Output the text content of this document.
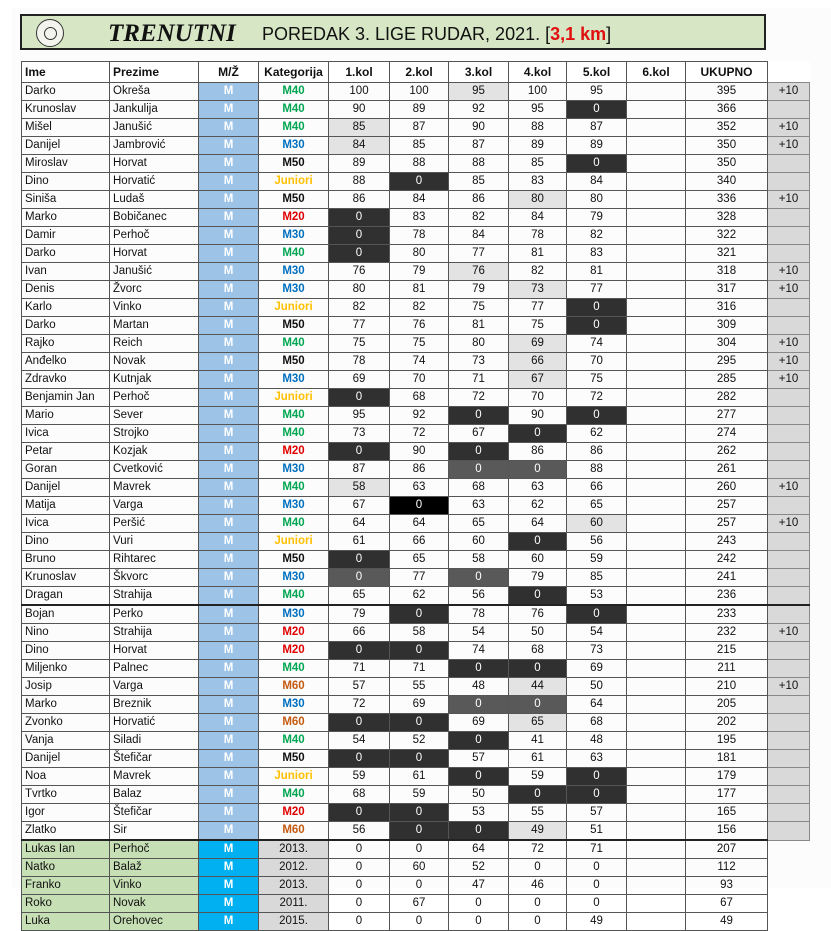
TRENUTNI POREDAK 3. LIGE RUDAR, 2021. [3,1 km]
Ime	Prezime	M/Ž	Kategorija	1.kol	2.kol	3.kol	4.kol	5.kol	6.kol	UKUPNO	
Darko	Okreša	M	M40	100	100	95	100	95		395	+10
Krunoslav	Jankulija	M	M40	90	89	92	95	0		366	
Mišel	Janušić	M	M40	85	87	90	88	87		352	+10
Danijel	Jambrović	M	M30	84	85	87	89	89		350	+10
Miroslav	Horvat	M	M50	89	88	88	85	0		350	
Dino	Horvatić	M	Juniori	88	0	85	83	84		340	
Siniša	Ludaš	M	M50	86	84	86	80	80		336	+10
Marko	Bobičanec	M	M20	0	83	82	84	79		328	
Damir	Perhoč	M	M30	0	78	84	78	82		322	
Darko	Horvat	M	M40	0	80	77	81	83		321	
Ivan	Janušić	M	M30	76	79	76	82	81		318	+10
Denis	Žvorc	M	M30	80	81	79	73	77		317	+10
Karlo	Vinko	M	Juniori	82	82	75	77	0		316	
Darko	Martan	M	M50	77	76	81	75	0		309	
Rajko	Reich	M	M40	75	75	80	69	74		304	+10
Anđelko	Novak	M	M50	78	74	73	66	70		295	+10
Zdravko	Kutnjak	M	M30	69	70	71	67	75		285	+10
Benjamin Jan	Perhoč	M	Juniori	0	68	72	70	72		282	
Mario	Sever	M	M40	95	92	0	90	0		277	
Ivica	Strojko	M	M40	73	72	67	0	62		274	
Petar	Kozjak	M	M20	0	90	0	86	86		262	
Goran	Cvetković	M	M30	87	86	0	0	88		261	
Danijel	Mavrek	M	M40	58	63	68	63	66		260	+10
Matija	Varga	M	M30	67	0	63	62	65		257	
Ivica	Peršić	M	M40	64	64	65	64	60		257	+10
Dino	Vuri	M	Juniori	61	66	60	0	56		243	
Bruno	Rihtarec	M	M50	0	65	58	60	59		242	
Krunoslav	Škvorc	M	M30	0	77	0	79	85		241	
Dragan	Strahija	M	M40	65	62	56	0	53		236	
Bojan	Perko	M	M30	79	0	78	76	0		233	
Nino	Strahija	M	M20	66	58	54	50	54		232	+10
Dino	Horvat	M	M20	0	0	74	68	73		215	
Miljenko	Palnec	M	M40	71	71	0	0	69		211	
Josip	Varga	M	M60	57	55	48	44	50		210	+10
Marko	Breznik	M	M30	72	69	0	0	64		205	
Zvonko	Horvatić	M	M60	0	0	69	65	68		202	
Vanja	Siladi	M	M40	54	52	0	41	48		195	
Danijel	Štefičar	M	M50	0	0	57	61	63		181	
Noa	Mavrek	M	Juniori	59	61	0	59	0		179	
Tvrtko	Balaz	M	M40	68	59	50	0	0		177	
Igor	Štefičar	M	M20	0	0	53	55	57		165	
Zlatko	Sir	M	M60	56	0	0	49	51		156	
Lukas Ian	Perhoč	M	2013.	0	0	64	72	71		207	
Natko	Balaž	M	2012.	0	60	52	0	0		112	
Franko	Vinko	M	2013.	0	0	47	46	0		93	
Roko	Novak	M	2011.	0	67	0	0	0		67	
Luka	Orehovec	M	2015.	0	0	0	0	49		49	
